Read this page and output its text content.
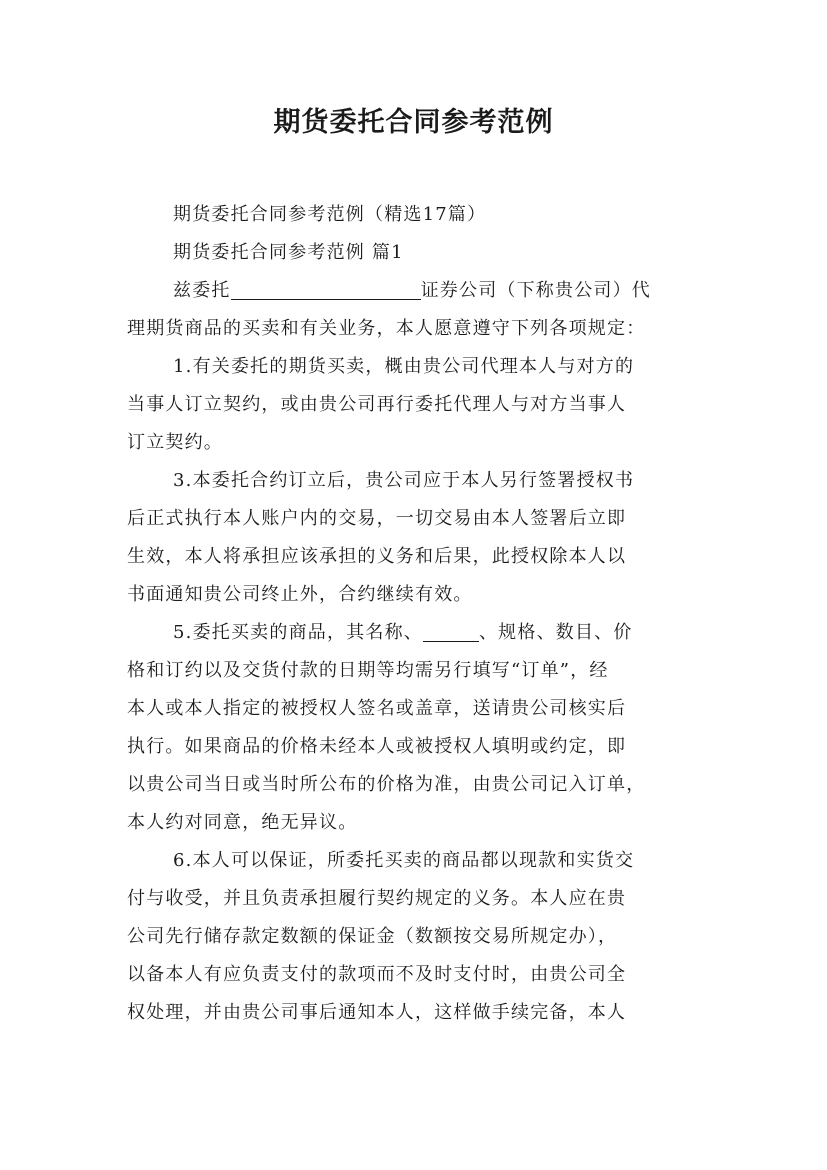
期货委托合同参考范例
期货委托合同参考范例（精选17篇）
期货委托合同参考范例 篇1
兹委托	证券公司（下称贵公司）代
理期货商品的买卖和有关业务，本人愿意遵守下列各项规定：
1.有关委托的期货买卖，概由贵公司代理本人与对方的
当事人订立契约，或由贵公司再行委托代理人与对方当事人
订立契约。
3.本委托合约订立后，贵公司应于本人另行签署授权书
后正式执行本人账户内的交易，一切交易由本人签署后立即
生效，本人将承担应该承担的义务和后果，此授权除本人以
书面通知贵公司终止外，合约继续有效。
5.委托买卖的商品，其名称、	、规格、数目、价
格和订约以及交货付款的日期等均需另行填写“订单”，经
本人或本人指定的被授权人签名或盖章，送请贵公司核实后
执行。如果商品的价格未经本人或被授权人填明或约定，即
以贵公司当日或当时所公布的价格为准，由贵公司记入订单，
本人约对同意，绝无异议。
6.本人可以保证，所委托买卖的商品都以现款和实货交
付与收受，并且负责承担履行契约规定的义务。本人应在贵
公司先行储存款定数额的保证金（数额按交易所规定办），
以备本人有应负责支付的款项而不及时支付时，由贵公司全
权处理，并由贵公司事后通知本人，这样做手续完备，本人
